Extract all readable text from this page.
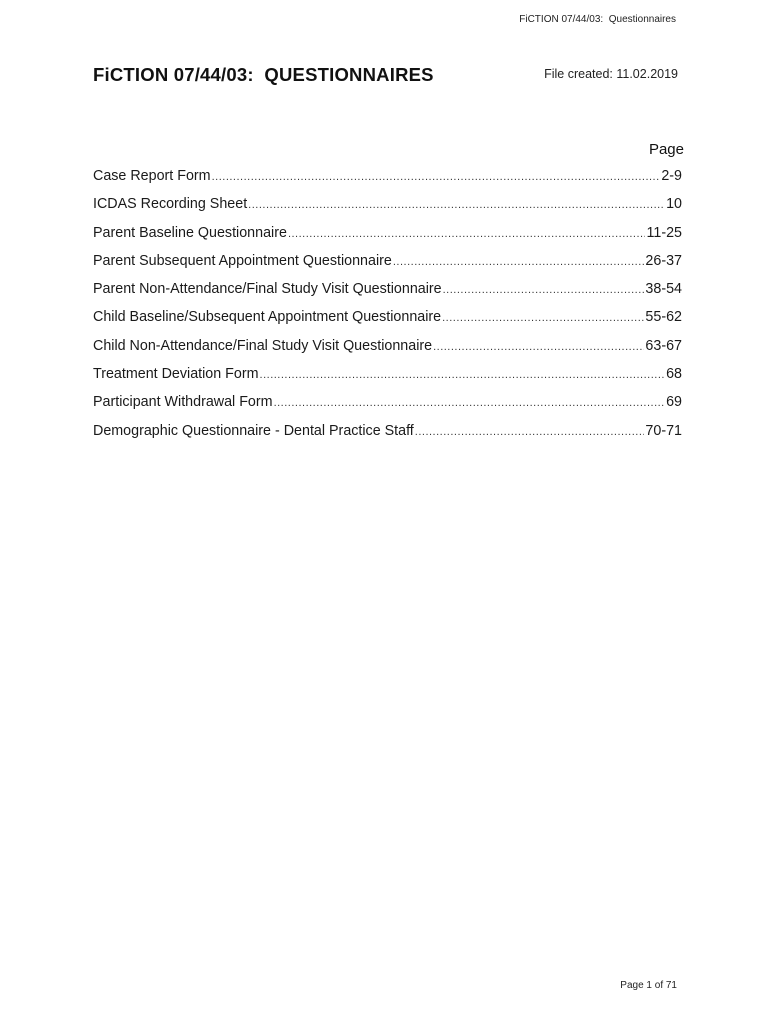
FiCTION 07/44/03:  Questionnaires
FiCTION 07/44/03:  QUESTIONNAIRES	File created: 11.02.2019
Page
Case Report Form .....	2-9
ICDAS Recording Sheet .....	10
Parent Baseline Questionnaire .....	11-25
Parent Subsequent Appointment Questionnaire .....	26-37
Parent Non-Attendance/Final Study Visit Questionnaire .....	38-54
Child Baseline/Subsequent Appointment Questionnaire .....	55-62
Child Non-Attendance/Final Study Visit Questionnaire .....	63-67
Treatment Deviation Form .....	68
Participant Withdrawal Form .....	69
Demographic Questionnaire - Dental Practice Staff .....	70-71
Page 1 of 71
